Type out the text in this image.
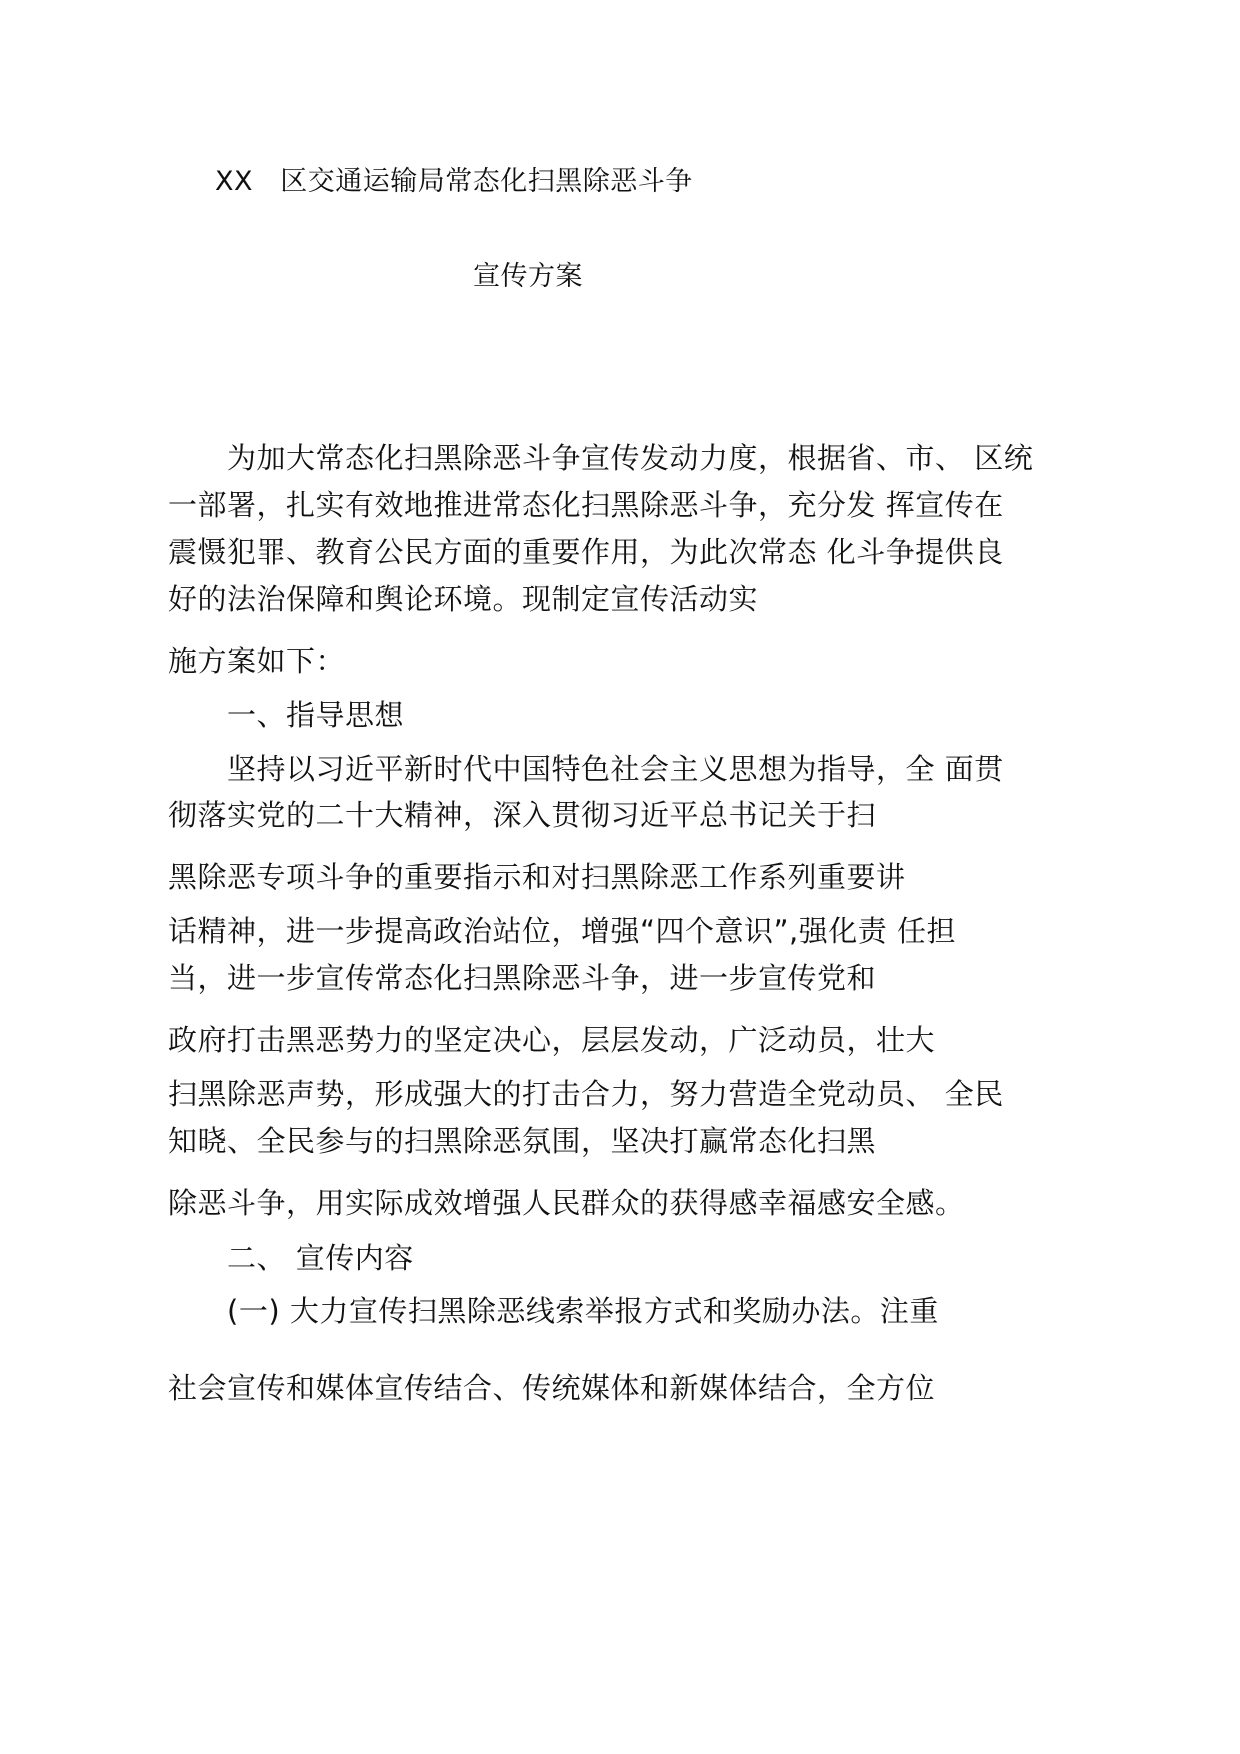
XX   区交通运输局常态化扫黑除恶斗争
宣传方案
为加大常态化扫黑除恶斗争宣传发动力度，根据省、市、 区统
一部署，扎实有效地推进常态化扫黑除恶斗争，充分发 挥宣传在
震慑犯罪、教育公民方面的重要作用，为此次常态 化斗争提供良
好的法治保障和舆论环境。现制定宣传活动实
施方案如下：
一、指导思想
坚持以习近平新时代中国特色社会主义思想为指导，全 面贯
彻落实党的二十大精神，深入贯彻习近平总书记关于扫
黑除恶专项斗争的重要指示和对扫黑除恶工作系列重要讲
话精神，进一步提高政治站位，增强“四个意识”,强化责 任担
当，进一步宣传常态化扫黑除恶斗争，进一步宣传党和
政府打击黑恶势力的坚定决心，层层发动，广泛动员，壮大
扫黑除恶声势，形成强大的打击合力，努力营造全党动员、 全民
知晓、全民参与的扫黑除恶氛围，坚决打赢常态化扫黑
除恶斗争，用实际成效增强人民群众的获得感幸福感安全感。
二、 宣传内容
(一) 大力宣传扫黑除恶线索举报方式和奖励办法。注重
社会宣传和媒体宣传结合、传统媒体和新媒体结合，全方位
